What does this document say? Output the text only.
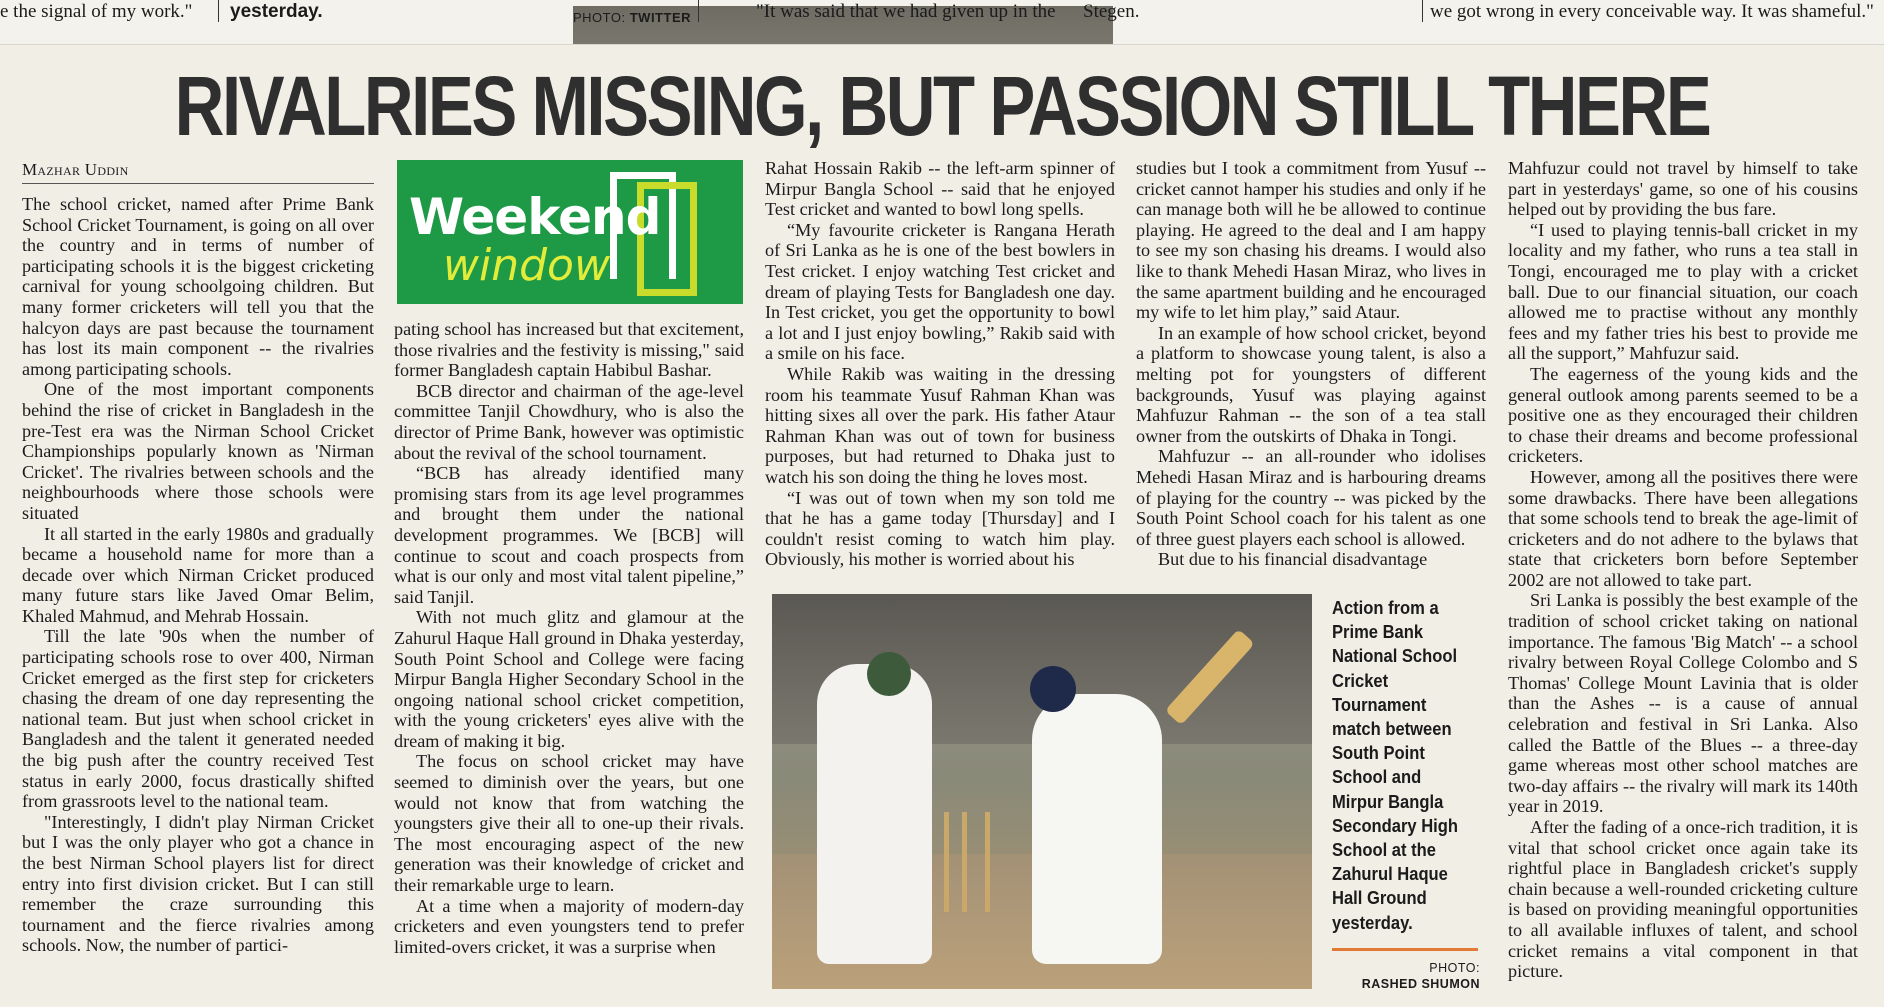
e the signal of my work." yesterday.	PHOTO: TWITTER	"It was said that we had given up in the Stegen.	we got wrong in every conceivable way. It was shameful."
RIVALRIES MISSING, BUT PASSION STILL THERE
Mazhar Uddin
Weekend
window

The school cricket, named after Prime Bank School Cricket Tournament, is going on all over the country and in terms of number of participating schools it is the biggest cricketing carnival for young schoolgoing children. But many former cricketers will tell you that the halcyon days are past because the tournament has lost its main component -- the rivalries among participating schools.

One of the most important components behind the rise of cricket in Bangladesh in the pre-Test era was the Nirman School Cricket Championships popularly known as 'Nirman Cricket'. The rivalries between schools and the neighbourhoods where those schools were situated

It all started in the early 1980s and gradually became a household name for more than a decade over which Nirman Cricket produced many future stars like Javed Omar Belim, Khaled Mahmud, and Mehrab Hossain.

Till the late '90s when the number of participating schools rose to over 400, Nirman Cricket emerged as the first step for cricketers chasing the dream of one day representing the national team. But just when school cricket in Bangladesh and the talent it generated needed the big push after the country received Test status in early 2000, focus drastically shifted from grassroots level to the national team.

"Interestingly, I didn't play Nirman Cricket but I was the only player who got a chance in the best Nirman School players list for direct entry into first division cricket. But I can still remember the craze surrounding this tournament and the fierce rivalries among schools. Now, the number of partici-

pating school has increased but that excitement, those rivalries and the festivity is missing," said former Bangladesh captain Habibul Bashar.

BCB director and chairman of the age-level committee Tanjil Chowdhury, who is also the director of Prime Bank, however was optimistic about the revival of the school tournament.

“BCB has already identified many promising stars from its age level programmes and brought them under the national development programmes. We [BCB] will continue to scout and coach prospects from what is our only and most vital talent pipeline,” said Tanjil.

With not much glitz and glamour at the Zahurul Haque Hall ground in Dhaka yesterday, South Point School and College were facing Mirpur Bangla Higher Secondary School in the ongoing national school cricket competition, with the young cricketers' eyes alive with the dream of making it big.

The focus on school cricket may have seemed to diminish over the years, but one would not know that from watching the youngsters give their all to one-up their rivals. The most encouraging aspect of the new generation was their knowledge of cricket and their remarkable urge to learn.

At a time when a majority of modern-day cricketers and even youngsters tend to prefer limited-overs cricket, it was a surprise when

Rahat Hossain Rakib -- the left-arm spinner of Mirpur Bangla School -- said that he enjoyed Test cricket and wanted to bowl long spells.

“My favourite cricketer is Rangana Herath of Sri Lanka as he is one of the best bowlers in Test cricket. I enjoy watching Test cricket and dream of playing Tests for Bangladesh one day. In Test cricket, you get the opportunity to bowl a lot and I just enjoy bowling,” Rakib said with a smile on his face.

While Rakib was waiting in the dressing room his teammate Yusuf Rahman Khan was hitting sixes all over the park. His father Ataur Rahman Khan was out of town for business purposes, but had returned to Dhaka just to watch his son doing the thing he loves most.

“I was out of town when my son told me that he has a game today [Thursday] and I couldn't resist coming to watch him play. Obviously, his mother is worried about his

studies but I took a commitment from Yusuf -- cricket cannot hamper his studies and only if he can manage both will he be allowed to continue playing. He agreed to the deal and I am happy to see my son chasing his dreams. I would also like to thank Mehedi Hasan Miraz, who lives in the same apartment building and he encouraged my wife to let him play,” said Ataur.

In an example of how school cricket, beyond a platform to showcase young talent, is also a melting pot for youngsters of different backgrounds, Yusuf was playing against Mahfuzur Rahman -- the son of a tea stall owner from the outskirts of Dhaka in Tongi.

Mahfuzur -- an all-rounder who idolises Mehedi Hasan Miraz and is harbouring dreams of playing for the country -- was picked by the South Point School coach for his talent as one of three guest players each school is allowed.

But due to his financial disadvantage

Mahfuzur could not travel by himself to take part in yesterdays' game, so one of his cousins helped out by providing the bus fare.

“I used to playing tennis-ball cricket in my locality and my father, who runs a tea stall in Tongi, encouraged me to play with a cricket ball. Due to our financial situation, our coach allowed me to practise without any monthly fees and my father tries his best to provide me all the support,” Mahfuzur said.

The eagerness of the young kids and the general outlook among parents seemed to be a positive one as they encouraged their children to chase their dreams and become professional cricketers.

However, among all the positives there were some drawbacks. There have been allegations that some schools tend to break the age-limit of cricketers and do not adhere to the bylaws that state that cricketers born before September 2002 are not allowed to take part.

Sri Lanka is possibly the best example of the tradition of school cricket taking on national importance. The famous 'Big Match' -- a school rivalry between Royal College Colombo and S Thomas' College Mount Lavinia that is older than the Ashes -- is a cause of annual celebration and festival in Sri Lanka. Also called the Battle of the Blues -- a three-day game whereas most other school matches are two-day affairs -- the rivalry will mark its 140th year in 2019.

After the fading of a once-rich tradition, it is vital that school cricket once again take its rightful place in Bangladesh cricket's supply chain because a well-rounded cricketing culture is based on providing meaningful opportunities to all available influxes of talent, and school cricket remains a vital component in that picture.

Action from a Prime Bank National School Cricket Tournament match between South Point School and Mirpur Bangla Secondary High School at the Zahurul Haque Hall Ground yesterday.
PHOTO:
RASHED SHUMON
